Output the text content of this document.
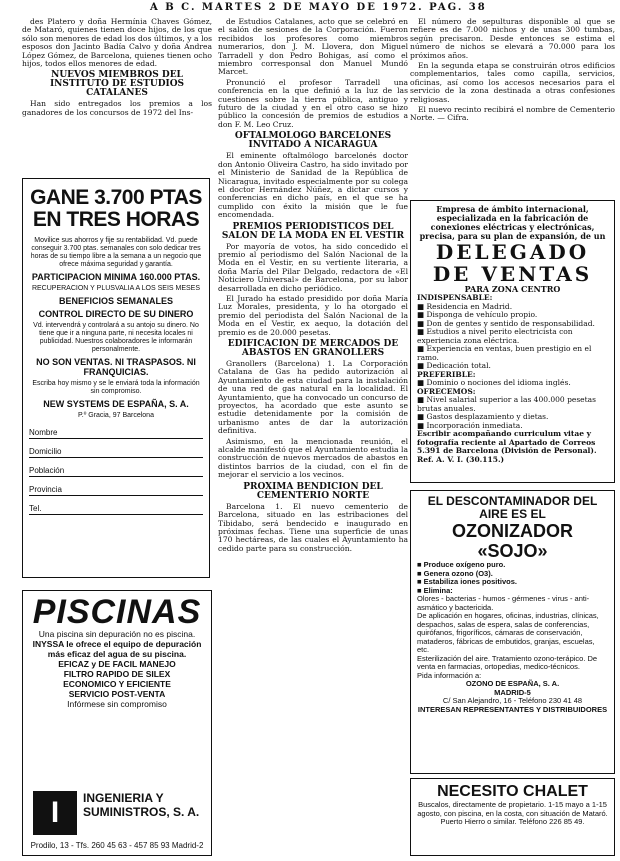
A B C. MARTES 2 DE MAYO DE 1972. PAG. 38

des Platero y doña Hermínia Chaves Gómez, de Mataró, quienes tienen doce hijos, de los que sólo son menores de edad los dos últimos, y a los esposos don Jacinto Badía Calvo y doña Andrea López Gómez, de Barcelona, quienes tienen ocho hijos, todos ellos menores de edad.

NUEVOS MIEMBROS DEL INSTITUTO DE ESTUDIOS CATALANES

Han sido entregados los premios a los ganadores de los concursos de 1972 del Ins-

GANE 3.700 PTAS EN TRES HORAS
Movilice sus ahorros y fije su rentabilidad. Vd. puede conseguir 3.700 ptas. semanales con solo dedicar tres horas de su tiempo libre a la semana a un negocio que ofrece máxima seguridad y garantía.
PARTICIPACION MINIMA 160.000 PTAS.
RECUPERACION Y PLUSVALIA A LOS SEIS MESES
BENEFICIOS SEMANALES
CONTROL DIRECTO DE SU DINERO
Vd. intervendrá y controlará a su antojo su dinero. No tiene que ir a ninguna parte, ni necesita locales ni publicidad. Nuestros colaboradores le informarán personalmente.
NO SON VENTAS. NI TRASPASOS. NI FRANQUICIAS.
Escriba hoy mismo y se le enviará toda la información sin compromiso.
NEW SYSTEMS DE ESPAÑA, S. A.
P.º Gracia, 97 Barcelona
Nombre
Domicilio
Población
Provincia
Tel.
PISCINAS
Una piscina sin depuración no es piscina.
INYSSA le ofrece el equipo de depuración más eficaz del agua de su piscina.
EFICAZ y DE FACIL MANEJO
FILTRO RAPIDO DE SILEX
ECONOMICO Y EFICIENTE
SERVICIO POST-VENTA
Infórmese sin compromiso
I	INGENIERIA Y
SUMINISTROS, S. A.
Prodilo, 13 - Tfs. 260 45 63 - 457 85 93 Madrid-2

de Estudios Catalanes, acto que se celebró en el salón de sesiones de la Corporación. Fueron recibidos los profesores como miembros numerarios, don J. M. Llovera, don Miguel Tarradell y don Pedro Bohigas, así como el miembro corresponsal don Manuel Mundó Marcet.

Pronunció el profesor Tarradell una conferencia en la que definió a la luz de las cuestiones sobre la tierra pública, antiguo y futuro de la ciudad y en el otro caso se hizo público la concesión de premios de estudios a don F. M. Leo Cruz.

OFTALMOLOGO BARCELONES INVITADO A NICARAGUA

El eminente oftalmólogo barcelonés doctor don Antonio Oliveira Castro, ha sido invitado por el Ministerio de Sanidad de la República de Nicaragua, invitado especialmente por su colega el doctor Hernández Núñez, a dictar cursos y conferencias en dicho país, en el que se ha cumplido con éxito la misión que le fue encomendada.

PREMIOS PERIODISTICOS DEL SALON DE LA MODA EN EL VESTIR

Por mayoría de votos, ha sido concedido el premio al periodismo del Salón Nacional de la Moda en el Vestir, en su vertiente literaria, a doña María del Pilar Delgado, redactora de «El Noticiero Universal» de Barcelona, por su labor desarrollada en dicho periódico.

El Jurado ha estado presidido por doña María Luz Morales, presidenta, y lo ha otorgado el premio del periodista del Salón Nacional de la Moda en el Vestir, ex aequo, la dotación del premio es de 20.000 pesetas.

EDIFICACION DE MERCADOS DE ABASTOS EN GRANOLLERS

Granollers (Barcelona) 1. La Corporación Catalana de Gas ha pedido autorización al Ayuntamiento de esta ciudad para la instalación de una red de gas natural en la localidad. El Ayuntamiento, que ha convocado un concurso de proyectos, ha acordado que este asunto se estudie detenidamente por la comisión de urbanismo antes de dar la autorización definitiva.

Asimismo, en la mencionada reunión, el alcalde manifestó que el Ayuntamiento estudia la construcción de nuevos mercados de abastos en distintos barrios de la ciudad, con el fin de mejorar el servicio a los vecinos.

PROXIMA BENDICION DEL CEMENTERIO NORTE

Barcelona 1. El nuevo cementerio de Barcelona, situado en las estribaciones del Tibidabo, será bendecido e inaugurado en próximas fechas. Tiene una superficie de unas 170 hectáreas, de las cuales el Ayuntamiento ha cedido parte para su construcción.

El número de sepulturas disponible al que se refiere es de 7.000 nichos y de unas 300 tumbas, según precisaron. Desde entonces se estima el número de nichos se elevará a 70.000 para los próximos años.

En la segunda etapa se construirán otros edificios complementarios, tales como capilla, servicios, oficinas, así como los accesos necesarios para el servicio de la zona destinada a otras confesiones religiosas.

El nuevo recinto recibirá el nombre de Cementerio Norte. — Cifra.

Empresa de ámbito internacional, especializada en la fabricación de conexiones eléctricas y electrónicas, precisa, para su plan de expansión, de un
DELEGADO
DE VENTAS
PARA ZONA CENTRO
INDISPENSABLE:
■ Residencia en Madrid.
■ Disponga de vehículo propio.
■ Don de gentes y sentido de responsabilidad.
■ Estudios a nivel perito electricista con experiencia zona eléctrica.
■ Experiencia en ventas, buen prestigio en el ramo.
■ Dedicación total.
PREFERIBLE:
■ Dominio o nociones del idioma inglés.
OFRECEMOS:
■ Nivel salarial superior a las 400.000 pesetas brutas anuales.
■ Gastos desplazamiento y dietas.
■ Incorporación inmediata.
Escribir acompañando curriculum vitae y fotografía reciente al Apartado de Correos 5.391 de Barcelona (División de Personal). Ref. A. V. I. (30.115.)
EL DESCONTAMINADOR DEL AIRE ES EL
OZONIZADOR «SOJO»
■ Produce oxígeno puro.
■ Genera ozono (O3).
■ Estabiliza iones positivos.
■ Elimina:
Olores - bacterias - humos - gérmenes - virus - anti-asmático y bactericida.
De aplicación en hogares, oficinas, industrias, clínicas, despachos, salas de espera, salas de conferencias, quirófanos, frigoríficos, cámaras de conservación, mataderos, fábricas de embutidos, granjas, escuelas, etc.
Esterilización del aire. Tratamiento ozono-terápico. De venta en farmacias, ortopedias, medico-técnicos.
Pida información a:
OZONO DE ESPAÑA, S. A.
MADRID-5
C/ San Alejandro, 16 - Teléfono 230 41 48
INTERESAN REPRESENTANTES Y DISTRIBUIDORES
NECESITO CHALET
Buscalos, directamente de propietario. 1-15 mayo a 1-15 agosto, con piscina, en la costa, con situación de Mataró. Puerto Hierro o similar. Teléfono 226 85 49.
